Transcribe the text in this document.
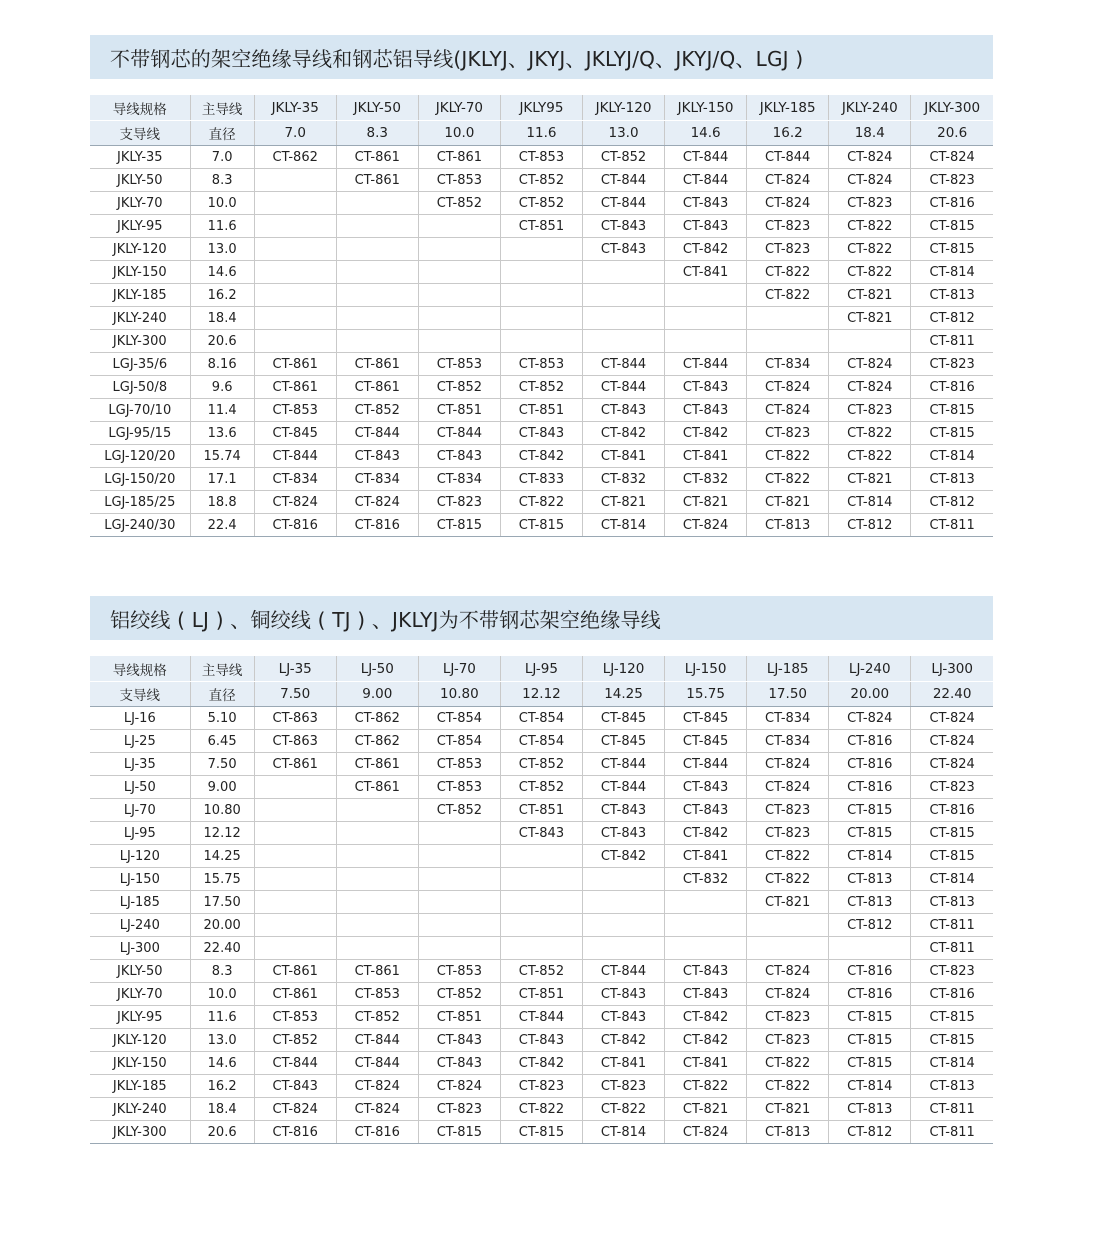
不带钢芯的架空绝缘导线和钢芯铝导线(JKLYJ、JKYJ、JKLYJ/Q、JKYJ/Q、LGJ )
导线规格	主导线	JKLY-35	JKLY-50	JKLY-70	JKLY95	JKLY-120	JKLY-150	JKLY-185	JKLY-240	JKLY-300
支导线	直径	7.0	8.3	10.0	11.6	13.0	14.6	16.2	18.4	20.6
JKLY-35	7.0	CT-862	CT-861	CT-861	CT-853	CT-852	CT-844	CT-844	CT-824	CT-824
JKLY-50	8.3		CT-861	CT-853	CT-852	CT-844	CT-844	CT-824	CT-824	CT-823
JKLY-70	10.0			CT-852	CT-852	CT-844	CT-843	CT-824	CT-823	CT-816
JKLY-95	11.6				CT-851	CT-843	CT-843	CT-823	CT-822	CT-815
JKLY-120	13.0					CT-843	CT-842	CT-823	CT-822	CT-815
JKLY-150	14.6						CT-841	CT-822	CT-822	CT-814
JKLY-185	16.2							CT-822	CT-821	CT-813
JKLY-240	18.4								CT-821	CT-812
JKLY-300	20.6									CT-811
LGJ-35/6	8.16	CT-861	CT-861	CT-853	CT-853	CT-844	CT-844	CT-834	CT-824	CT-823
LGJ-50/8	9.6	CT-861	CT-861	CT-852	CT-852	CT-844	CT-843	CT-824	CT-824	CT-816
LGJ-70/10	11.4	CT-853	CT-852	CT-851	CT-851	CT-843	CT-843	CT-824	CT-823	CT-815
LGJ-95/15	13.6	CT-845	CT-844	CT-844	CT-843	CT-842	CT-842	CT-823	CT-822	CT-815
LGJ-120/20	15.74	CT-844	CT-843	CT-843	CT-842	CT-841	CT-841	CT-822	CT-822	CT-814
LGJ-150/20	17.1	CT-834	CT-834	CT-834	CT-833	CT-832	CT-832	CT-822	CT-821	CT-813
LGJ-185/25	18.8	CT-824	CT-824	CT-823	CT-822	CT-821	CT-821	CT-821	CT-814	CT-812
LGJ-240/30	22.4	CT-816	CT-816	CT-815	CT-815	CT-814	CT-824	CT-813	CT-812	CT-811
铝绞线 ( LJ ) 、铜绞线 ( TJ ) 、JKLYJ为不带钢芯架空绝缘导线
导线规格	主导线	LJ-35	LJ-50	LJ-70	LJ-95	LJ-120	LJ-150	LJ-185	LJ-240	LJ-300
支导线	直径	7.50	9.00	10.80	12.12	14.25	15.75	17.50	20.00	22.40
LJ-16	5.10	CT-863	CT-862	CT-854	CT-854	CT-845	CT-845	CT-834	CT-824	CT-824
LJ-25	6.45	CT-863	CT-862	CT-854	CT-854	CT-845	CT-845	CT-834	CT-816	CT-824
LJ-35	7.50	CT-861	CT-861	CT-853	CT-852	CT-844	CT-844	CT-824	CT-816	CT-824
LJ-50	9.00		CT-861	CT-853	CT-852	CT-844	CT-843	CT-824	CT-816	CT-823
LJ-70	10.80			CT-852	CT-851	CT-843	CT-843	CT-823	CT-815	CT-816
LJ-95	12.12				CT-843	CT-843	CT-842	CT-823	CT-815	CT-815
LJ-120	14.25					CT-842	CT-841	CT-822	CT-814	CT-815
LJ-150	15.75						CT-832	CT-822	CT-813	CT-814
LJ-185	17.50							CT-821	CT-813	CT-813
LJ-240	20.00								CT-812	CT-811
LJ-300	22.40									CT-811
JKLY-50	8.3	CT-861	CT-861	CT-853	CT-852	CT-844	CT-843	CT-824	CT-816	CT-823
JKLY-70	10.0	CT-861	CT-853	CT-852	CT-851	CT-843	CT-843	CT-824	CT-816	CT-816
JKLY-95	11.6	CT-853	CT-852	CT-851	CT-844	CT-843	CT-842	CT-823	CT-815	CT-815
JKLY-120	13.0	CT-852	CT-844	CT-843	CT-843	CT-842	CT-842	CT-823	CT-815	CT-815
JKLY-150	14.6	CT-844	CT-844	CT-843	CT-842	CT-841	CT-841	CT-822	CT-815	CT-814
JKLY-185	16.2	CT-843	CT-824	CT-824	CT-823	CT-823	CT-822	CT-822	CT-814	CT-813
JKLY-240	18.4	CT-824	CT-824	CT-823	CT-822	CT-822	CT-821	CT-821	CT-813	CT-811
JKLY-300	20.6	CT-816	CT-816	CT-815	CT-815	CT-814	CT-824	CT-813	CT-812	CT-811
